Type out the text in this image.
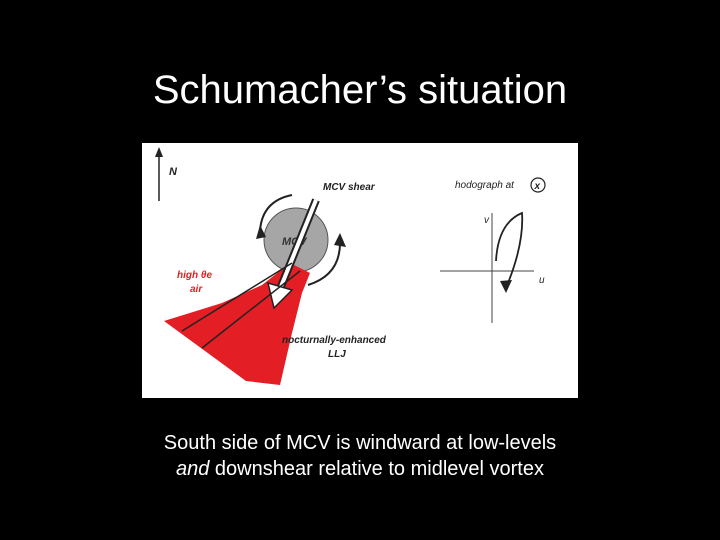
Schumacher’s situation
N
MCV
MCV shear
high θe
air
nocturnally-enhanced
LLJ
hodograph at x
v
u
South side of MCV is windward at low-levels
and downshear relative to midlevel vortex
